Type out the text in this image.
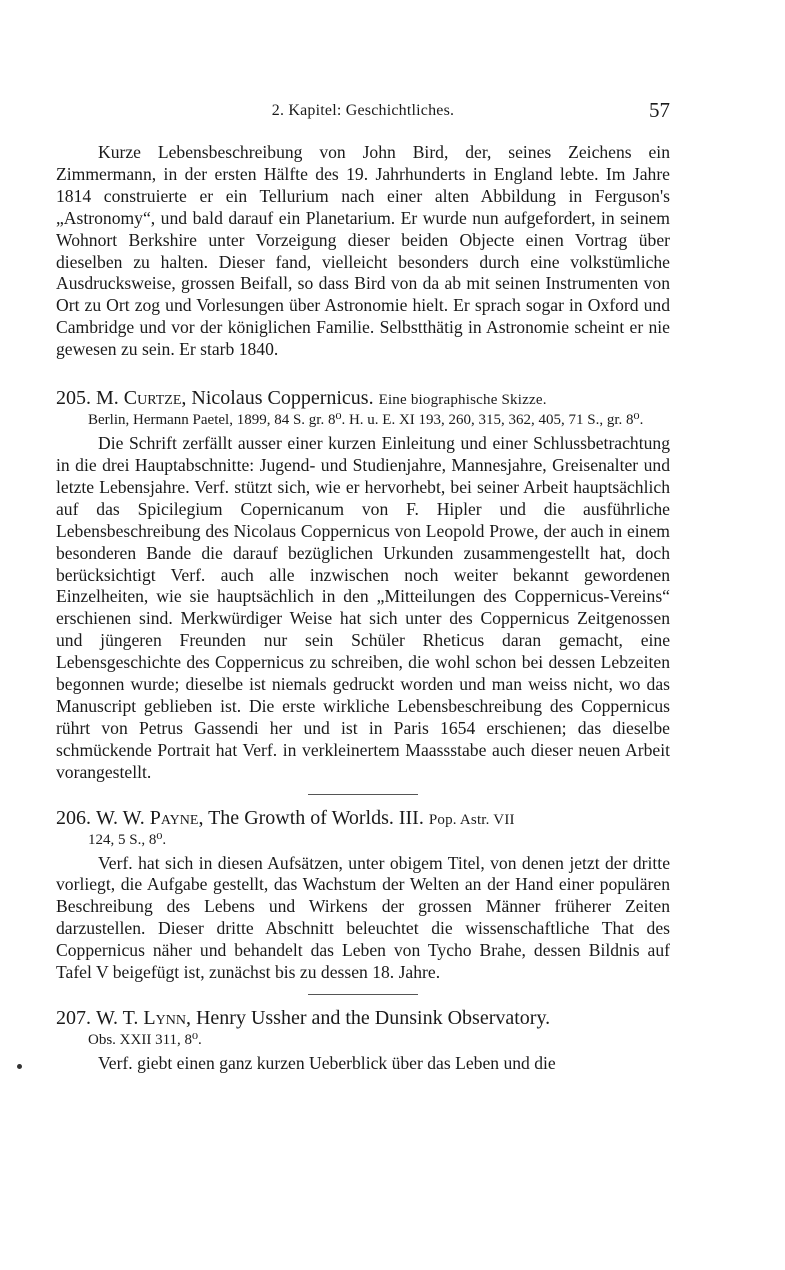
2. Kapitel: Geschichtliches.	57

Kurze Lebensbeschreibung von John Bird, der, seines Zeichens ein Zimmermann, in der ersten Hälfte des 19. Jahrhunderts in England lebte. Im Jahre 1814 construierte er ein Tellurium nach einer alten Abbildung in Ferguson's „Astronomy“, und bald darauf ein Planetarium. Er wurde nun aufgefordert, in seinem Wohnort Berkshire unter Vorzeigung dieser beiden Objecte einen Vortrag über dieselben zu halten. Dieser fand, vielleicht besonders durch eine volkstümliche Ausdrucksweise, grossen Beifall, so dass Bird von da ab mit seinen Instrumenten von Ort zu Ort zog und Vorlesungen über Astronomie hielt. Er sprach sogar in Oxford und Cambridge und vor der königlichen Familie. Selbstthätig in Astronomie scheint er nie gewesen zu sein. Er starb 1840.

205. M. Curtze, Nicolaus Coppernicus. Eine biographische Skizze.
Berlin, Hermann Paetel, 1899, 84 S. gr. 8⁰. H. u. E. XI 193, 260, 315, 362, 405, 71 S., gr. 8⁰.

Die Schrift zerfällt ausser einer kurzen Einleitung und einer Schlussbetrachtung in die drei Hauptabschnitte: Jugend- und Studienjahre, Mannesjahre, Greisenalter und letzte Lebensjahre. Verf. stützt sich, wie er hervorhebt, bei seiner Arbeit hauptsächlich auf das Spicilegium Copernicanum von F. Hipler und die ausführliche Lebensbeschreibung des Nicolaus Coppernicus von Leopold Prowe, der auch in einem besonderen Bande die darauf bezüglichen Urkunden zusammengestellt hat, doch berücksichtigt Verf. auch alle inzwischen noch weiter bekannt gewordenen Einzelheiten, wie sie hauptsächlich in den „Mitteilungen des Coppernicus-Vereins“ erschienen sind. Merkwürdiger Weise hat sich unter des Coppernicus Zeitgenossen und jüngeren Freunden nur sein Schüler Rheticus daran gemacht, eine Lebensgeschichte des Coppernicus zu schreiben, die wohl schon bei dessen Lebzeiten begonnen wurde; dieselbe ist niemals gedruckt worden und man weiss nicht, wo das Manuscript geblieben ist. Die erste wirkliche Lebensbeschreibung des Coppernicus rührt von Petrus Gassendi her und ist in Paris 1654 erschienen; das dieselbe schmückende Portrait hat Verf. in verkleinertem Maassstabe auch dieser neuen Arbeit vorangestellt.

206. W. W. Payne, The Growth of Worlds. III. Pop. Astr. VII
124, 5 S., 8⁰.

Verf. hat sich in diesen Aufsätzen, unter obigem Titel, von denen jetzt der dritte vorliegt, die Aufgabe gestellt, das Wachstum der Welten an der Hand einer populären Beschreibung des Lebens und Wirkens der grossen Männer früherer Zeiten darzustellen. Dieser dritte Abschnitt beleuchtet die wissenschaftliche That des Coppernicus näher und behandelt das Leben von Tycho Brahe, dessen Bildnis auf Tafel V beigefügt ist, zunächst bis zu dessen 18. Jahre.

207. W. T. Lynn, Henry Ussher and the Dunsink Observatory.
Obs. XXII 311, 8⁰.

Verf. giebt einen ganz kurzen Ueberblick über das Leben und die
